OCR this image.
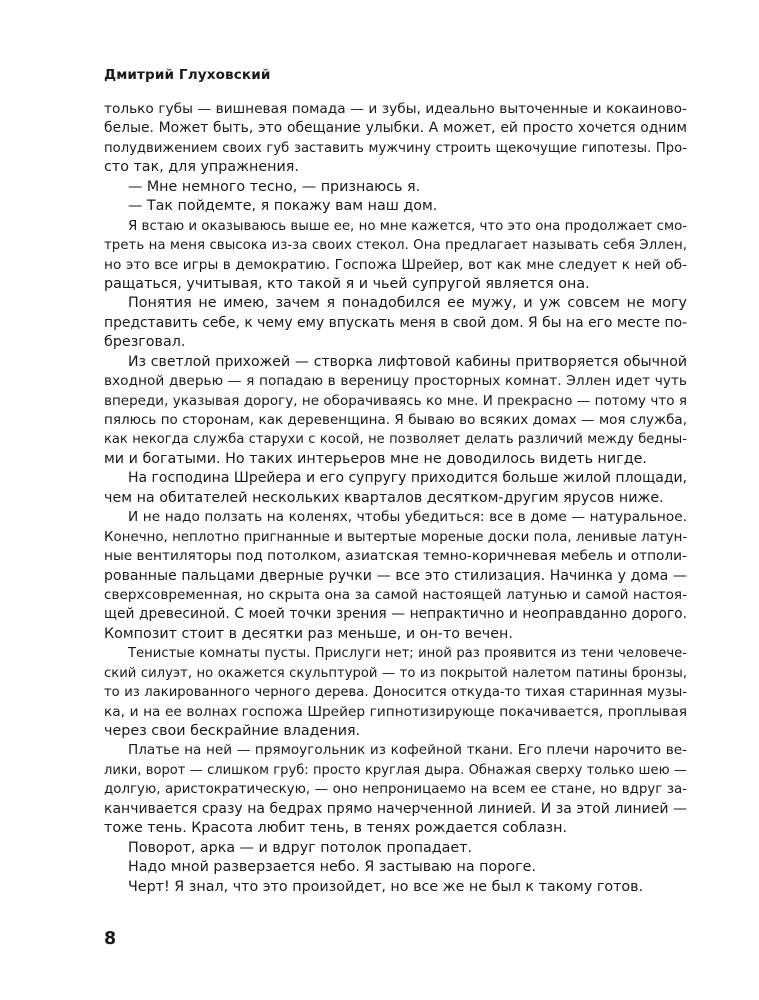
Дмитрий Глуховский
только губы — вишневая помада — и зубы, идеально выточенные и кокаиново-
белые. Может быть, это обещание улыбки. А может, ей просто хочется одним
полудвижением своих губ заставить мужчину строить щекочущие гипотезы. Про-
сто так, для упражнения.
— Мне немного тесно, — признаюсь я.
— Так пойдемте, я покажу вам наш дом.
Я встаю и оказываюсь выше ее, но мне кажется, что это она продолжает смо-
треть на меня свысока из-за своих стекол. Она предлагает называть себя Эллен,
но это все игры в демократию. Госпожа Шрейер, вот как мне следует к ней об-
ращаться, учитывая, кто такой я и чьей супругой является она.
Понятия не имею, зачем я понадобился ее мужу, и уж совсем не могу
представить себе, к чему ему впускать меня в свой дом. Я бы на его месте по-
брезговал.
Из светлой прихожей — створка лифтовой кабины притворяется обычной
входной дверью — я попадаю в вереницу просторных комнат. Эллен идет чуть
впереди, указывая дорогу, не оборачиваясь ко мне. И прекрасно — потому что я
пялюсь по сторонам, как деревенщина. Я бываю во всяких домах — моя служба,
как некогда служба старухи с косой, не позволяет делать различий между бедны-
ми и богатыми. Но таких интерьеров мне не доводилось видеть нигде.
На господина Шрейера и его супругу приходится больше жилой площади,
чем на обитателей нескольких кварталов десятком-другим ярусов ниже.
И не надо ползать на коленях, чтобы убедиться: все в доме — натуральное.
Конечно, неплотно пригнанные и вытертые мореные доски пола, ленивые латун-
ные вентиляторы под потолком, азиатская темно-коричневая мебель и отполи-
рованные пальцами дверные ручки — все это стилизация. Начинка у дома —
сверхсовременная, но скрыта она за самой настоящей латунью и самой настоя-
щей древесиной. С моей точки зрения — непрактично и неоправданно дорого.
Композит стоит в десятки раз меньше, и он-то вечен.
Тенистые комнаты пусты. Прислуги нет; иной раз проявится из тени человече-
ский силуэт, но окажется скульптурой — то из покрытой налетом патины бронзы,
то из лакированного черного дерева. Доносится откуда-то тихая старинная музы-
ка, и на ее волнах госпожа Шрейер гипнотизирующе покачивается, проплывая
через свои бескрайние владения.
Платье на ней — прямоугольник из кофейной ткани. Его плечи нарочито ве-
лики, ворот — слишком груб: просто круглая дыра. Обнажая сверху только шею —
долгую, аристократическую, — оно непроницаемо на всем ее стане, но вдруг за-
канчивается сразу на бедрах прямо начерченной линией. И за этой линией —
тоже тень. Красота любит тень, в тенях рождается соблазн.
Поворот, арка — и вдруг потолок пропадает.
Надо мной разверзается небо. Я застываю на пороге.
Черт! Я знал, что это произойдет, но все же не был к такому готов.
8
